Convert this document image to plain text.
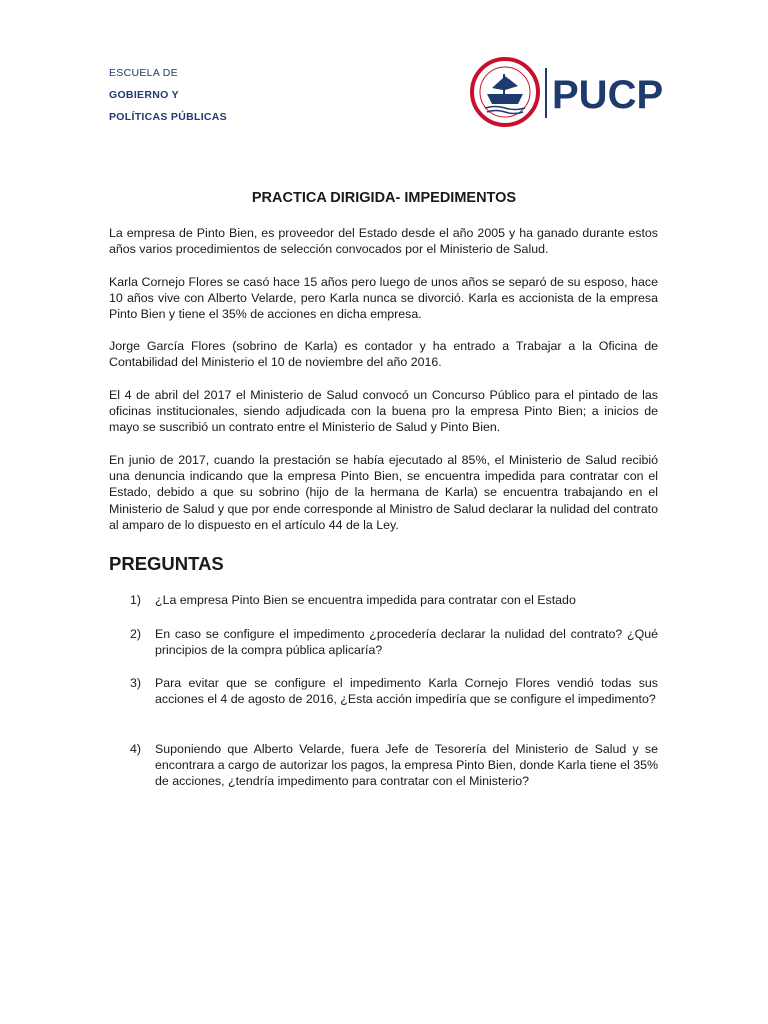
ESCUELA DE
GOBIERNO Y
POLÍTICAS PÚBLICAS	PUCP
PRACTICA DIRIGIDA- IMPEDIMENTOS

La empresa de Pinto Bien, es proveedor del Estado desde el año 2005 y ha ganado durante estos años varios procedimientos de selección convocados por el Ministerio de Salud.

Karla Cornejo Flores se casó hace 15 años pero luego de unos años se separó de su esposo, hace 10 años vive con Alberto Velarde, pero Karla nunca se divorció. Karla es accionista de la empresa Pinto Bien y tiene el 35% de acciones en dicha empresa.

Jorge García Flores (sobrino de Karla) es contador y ha entrado a Trabajar a la Oficina de Contabilidad del Ministerio el 10 de noviembre del año 2016.

El 4 de abril del 2017 el Ministerio de Salud convocó un Concurso Público para el pintado de las oficinas institucionales, siendo adjudicada con la buena pro la empresa Pinto Bien; a inicios de mayo se suscribió un contrato entre el Ministerio de Salud y Pinto Bien.

En junio de 2017, cuando la prestación se había ejecutado al 85%, el Ministerio de Salud recibió una denuncia indicando que la empresa Pinto Bien, se encuentra impedida para contratar con el Estado, debido a que su sobrino (hijo de la hermana de Karla) se encuentra trabajando en el Ministerio de Salud y que por ende corresponde al Ministro de Salud declarar la nulidad del contrato al amparo de lo dispuesto en el artículo 44 de la Ley.

PREGUNTAS
1)	¿La empresa Pinto Bien se encuentra impedida para contratar con el Estado
2)	En caso se configure el impedimento ¿procedería declarar la nulidad del contrato? ¿Qué principios de la compra pública aplicaría?
3)	Para evitar que se configure el impedimento Karla Cornejo Flores vendió todas sus acciones el 4 de agosto de 2016, ¿Esta acción impediría que se configure el impedimento?
4)	Suponiendo que Alberto Velarde, fuera Jefe de Tesorería del Ministerio de Salud y se encontrara a cargo de autorizar los pagos, la empresa Pinto Bien, donde Karla tiene el 35% de acciones, ¿tendría impedimento para contratar con el Ministerio?
